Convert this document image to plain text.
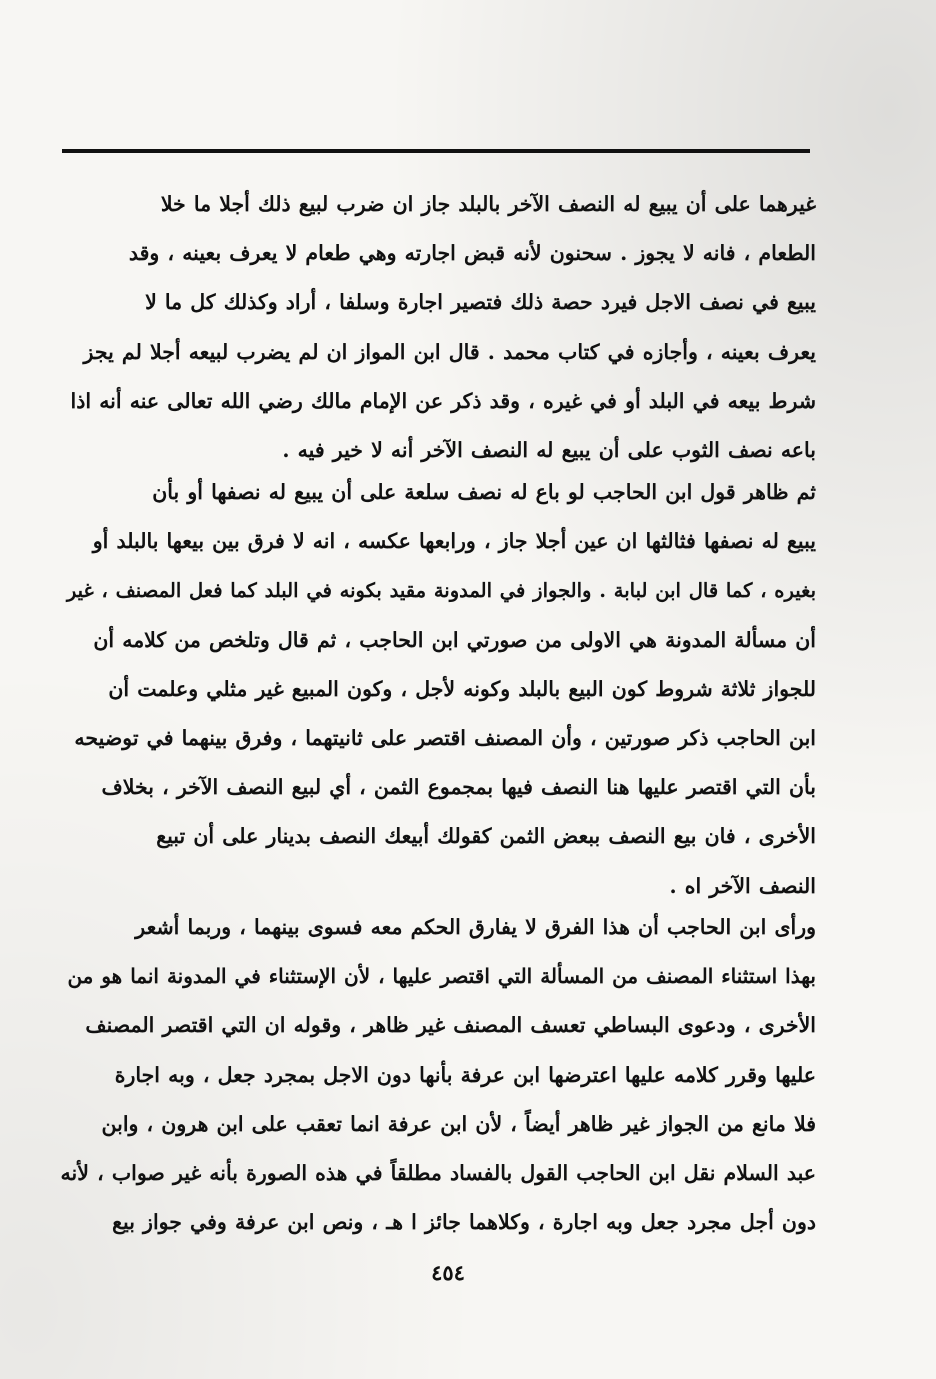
غيرهما على أن يبيع له النصف الآخر بالبلد جاز ان ضرب لبيع ذلك أجلا ما خلا
الطعام ، فانه لا يجوز . سحنون لأنه قبض اجارته وهي طعام لا يعرف بعينه ، وقد
يبيع في نصف الاجل فيرد حصة ذلك فتصير اجارة وسلفا ، أراد وكذلك كل ما لا
يعرف بعينه ، وأجازه في كتاب محمد . قال ابن المواز ان لم يضرب لبيعه أجلا لم يجز
شرط بيعه في البلد أو في غيره ، وقد ذكر عن الإمام مالك رضي الله تعالى عنه أنه اذا
باعه نصف الثوب على أن يبيع له النصف الآخر أنه لا خير فيه .
ثم ظاهر قول ابن الحاجب لو باع له نصف سلعة على أن يبيع له نصفها أو بأن
يبيع له نصفها فثالثها ان عين أجلا جاز ، ورابعها عكسه ، انه لا فرق بين بيعها بالبلد أو
بغيره ، كما قال ابن لبابة . والجواز في المدونة مقيد بكونه في البلد كما فعل المصنف ، غير
أن مسألة المدونة هي الاولى من صورتي ابن الحاجب ، ثم قال وتلخص من كلامه أن
للجواز ثلاثة شروط كون البيع بالبلد وكونه لأجل ، وكون المبيع غير مثلي وعلمت أن
ابن الحاجب ذكر صورتين ، وأن المصنف اقتصر على ثانيتهما ، وفرق بينهما في توضيحه
بأن التي اقتصر عليها هنا النصف فيها بمجموع الثمن ، أي لبيع النصف الآخر ، بخلاف
الأخرى ، فان بيع النصف ببعض الثمن كقولك أبيعك النصف بدينار على أن تبيع
النصف الآخر اه .
ورأى ابن الحاجب أن هذا الفرق لا يفارق الحكم معه فسوى بينهما ، وربما أشعر
بهذا استثناء المصنف من المسألة التي اقتصر عليها ، لأن الإستثناء في المدونة انما هو من
الأخرى ، ودعوى البساطي تعسف المصنف غير ظاهر ، وقوله ان التي اقتصر المصنف
عليها وقرر كلامه عليها اعترضها ابن عرفة بأنها دون الاجل بمجرد جعل ، وبه اجارة
فلا مانع من الجواز غير ظاهر أيضاً ، لأن ابن عرفة انما تعقب على ابن هرون ، وابن
عبد السلام نقل ابن الحاجب القول بالفساد مطلقاً في هذه الصورة بأنه غير صواب ، لأنه
دون أجل مجرد جعل وبه اجارة ، وكلاهما جائز ا هـ ، ونص ابن عرفة وفي جواز بيع
٤٥٤
